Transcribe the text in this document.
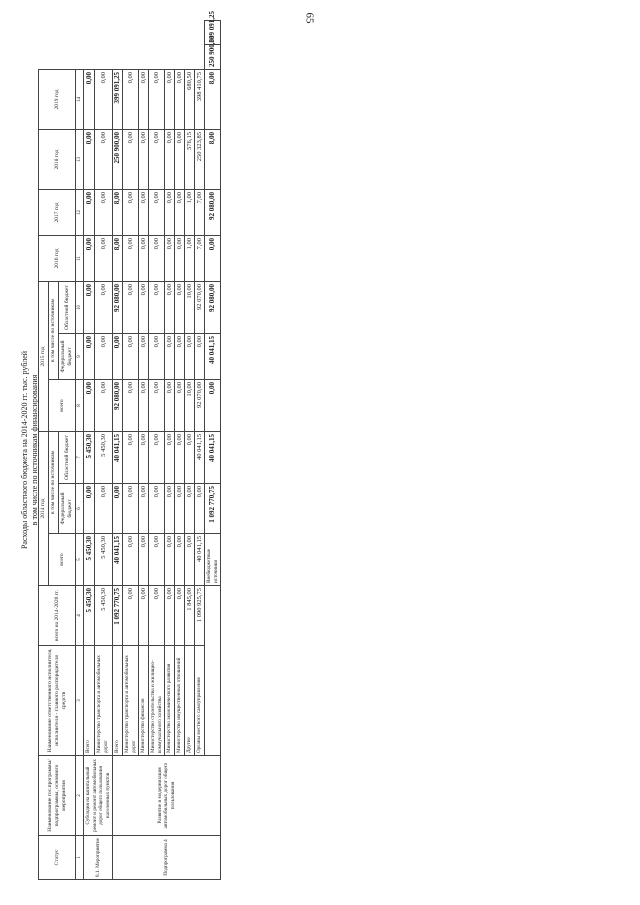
65
Расходы областного бюджета на 2014-2020 гг. тыс. рублей в том числе по источникам финансирования
Статус	Наименование гос.программы/ подпрограммы, основного мероприятия	Наименование ответственного исполнителя, исполнителя - главного распорядителя средств	всего на 2014-2020 гг.	2014 год			2015 год			2016 год	2017 год	2018 год	2019 год		
				всего	в том числе по источникам		всего	в том числе по источникам							
					Федеральный бюджет	Областной бюджет		Федеральный бюджет	Областной бюджет						
1	2	3	4	5	6	7	8	9	10	11	12	13	14		
8.1. Мероприятие	Субсидия на капитальный ремонт и ремонт автомобильных дорог общего пользования населенных пунктов	Всего	5 450,30	5 450,30	0,00	5 450,30	0,00	0,00	0,00	0,00	0,00	0,00	0,00		
		Министерство транспорта и автомобильных дорог	5 450,30	5 450,30	0,00	5 450,30	0,00	0,00	0,00	0,00	0,00	0,00	0,00		
Подпрограмма 4	Развитие и модернизация автомобильных дорог общего пользования	Всего	1 092 770,75	40 041,15	0,00	40 041,15	92 080,00	0,00	92 080,00	8,00	8,00	250 900,00	399 091,25		
		Министерство транспорта и автомобильных дорог	0,00	0,00	0,00	0,00	0,00	0,00	0,00	0,00	0,00	0,00	0,00		
		Министерство финансов	0,00	0,00	0,00	0,00	0,00	0,00	0,00	0,00	0,00	0,00	0,00		
		Министерство строительства и жилищно-коммунального хозяйства	0,00	0,00	0,00	0,00	0,00	0,00	0,00	0,00	0,00	0,00	0,00		
		Министерство экономического развития	0,00	0,00	0,00	0,00	0,00	0,00	0,00	0,00	0,00	0,00	0,00		
		Министерство имущественных отношений	0,00	0,00	0,00	0,00	0,00	0,00	0,00	0,00	0,00	0,00	0,00		
		Другие	1 845,00	0,00	0,00	0,00	10,00	0,00	10,00	1,00	1,00	576,15	680,50		
		Органы местного самоуправления	1 090 925,75	40 041,15	0,00	40 041,15	92 070,00	0,00	92 070,00	7,00	7,00	250 323,85	398 410,75		
				Внебюджетные источники	1 092 770,75	40 041,15	0,00	40 041,15	92 080,00	0,00	92 080,00	8,00	8,00	250 900,00	399 091,25
